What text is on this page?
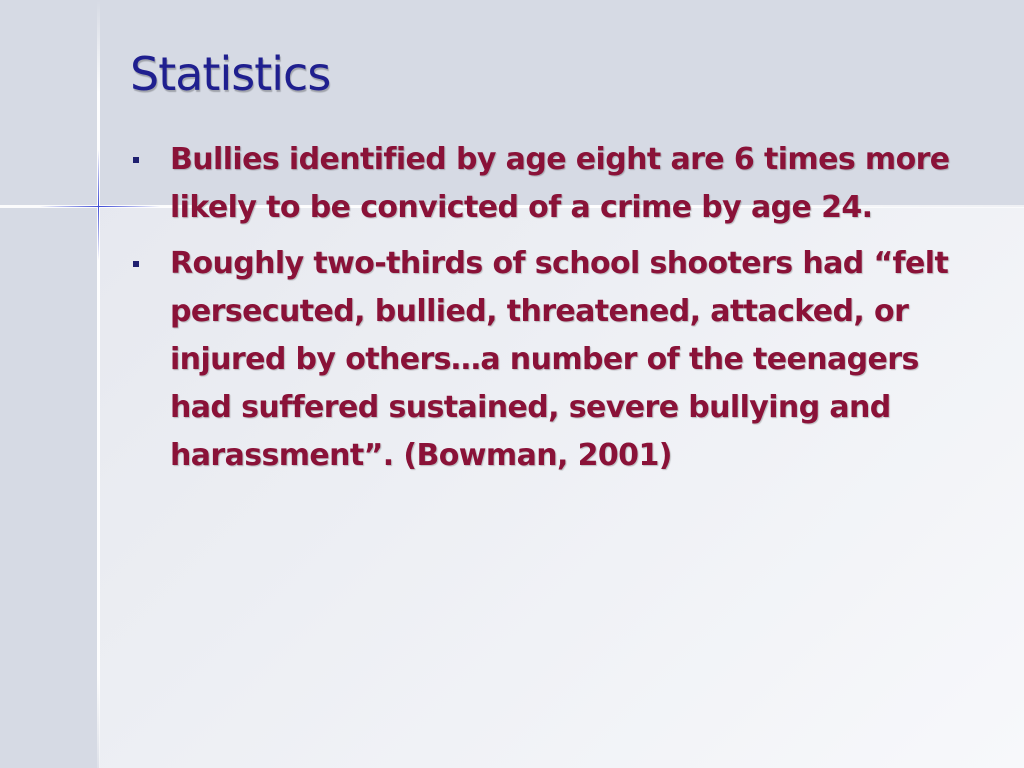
Statistics
Bullies identified by age eight are 6 times more likely to be convicted of a crime by age 24.
Roughly two-thirds of school shooters had “felt persecuted, bullied, threatened, attacked, or injured by others…a number of the teenagers had suffered sustained, severe bullying and harassment”. (Bowman, 2001)
